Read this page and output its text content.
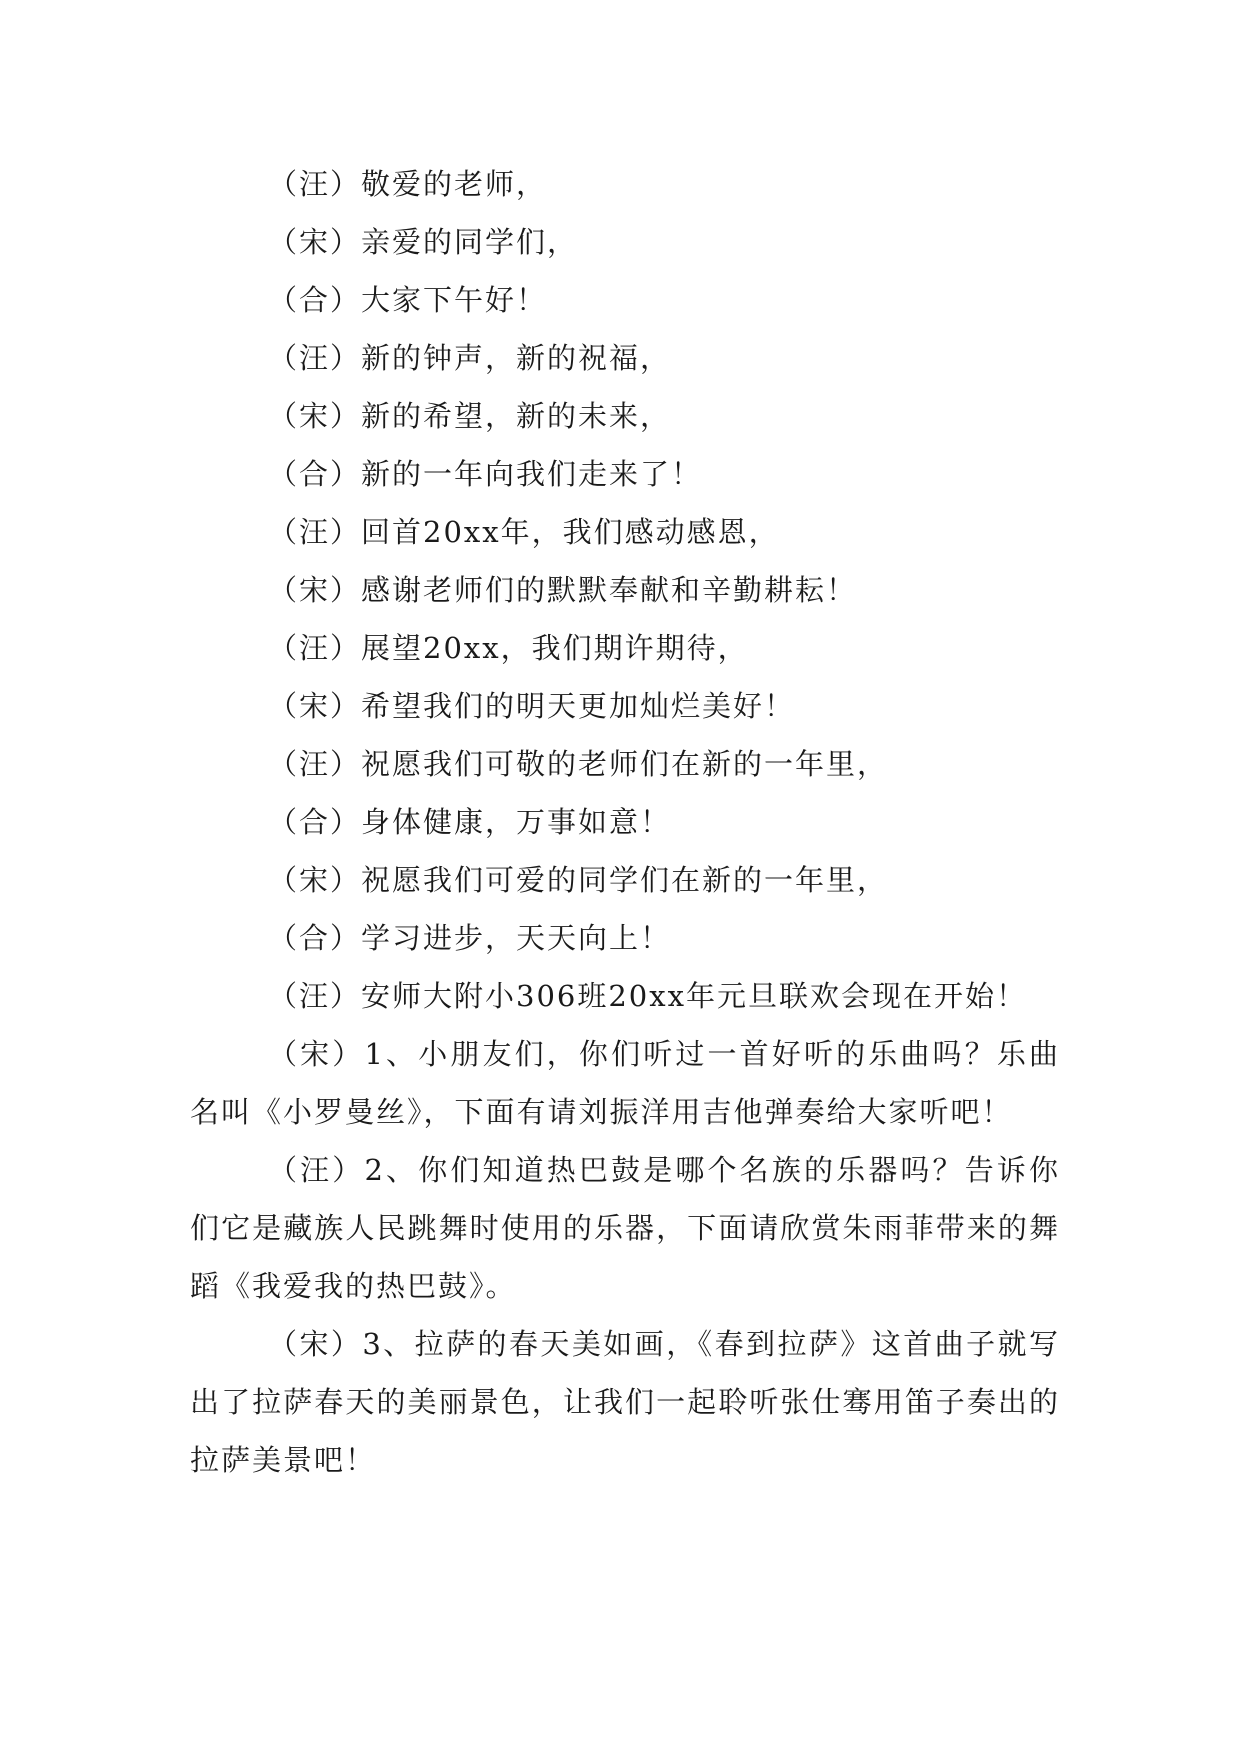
（汪）敬爱的老师，

（宋）亲爱的同学们，

（合）大家下午好！

（汪）新的钟声，新的祝福，

（宋）新的希望，新的未来，

（合）新的一年向我们走来了！

（汪）回首20xx年，我们感动感恩，

（宋）感谢老师们的默默奉献和辛勤耕耘！

（汪）展望20xx，我们期许期待，

（宋）希望我们的明天更加灿烂美好！

（汪）祝愿我们可敬的老师们在新的一年里，

（合）身体健康，万事如意！

（宋）祝愿我们可爱的同学们在新的一年里，

（合）学习进步，天天向上！

（汪）安师大附小306班20xx年元旦联欢会现在开始！

（宋）1、小朋友们，你们听过一首好听的乐曲吗？乐曲名叫《小罗曼丝》，下面有请刘振洋用吉他弹奏给大家听吧！

（汪）2、你们知道热巴鼓是哪个名族的乐器吗？告诉你们它是藏族人民跳舞时使用的乐器，下面请欣赏朱雨菲带来的舞蹈《我爱我的热巴鼓》。

（宋）3、拉萨的春天美如画，《春到拉萨》这首曲子就写出了拉萨春天的美丽景色，让我们一起聆听张仕骞用笛子奏出的拉萨美景吧！
